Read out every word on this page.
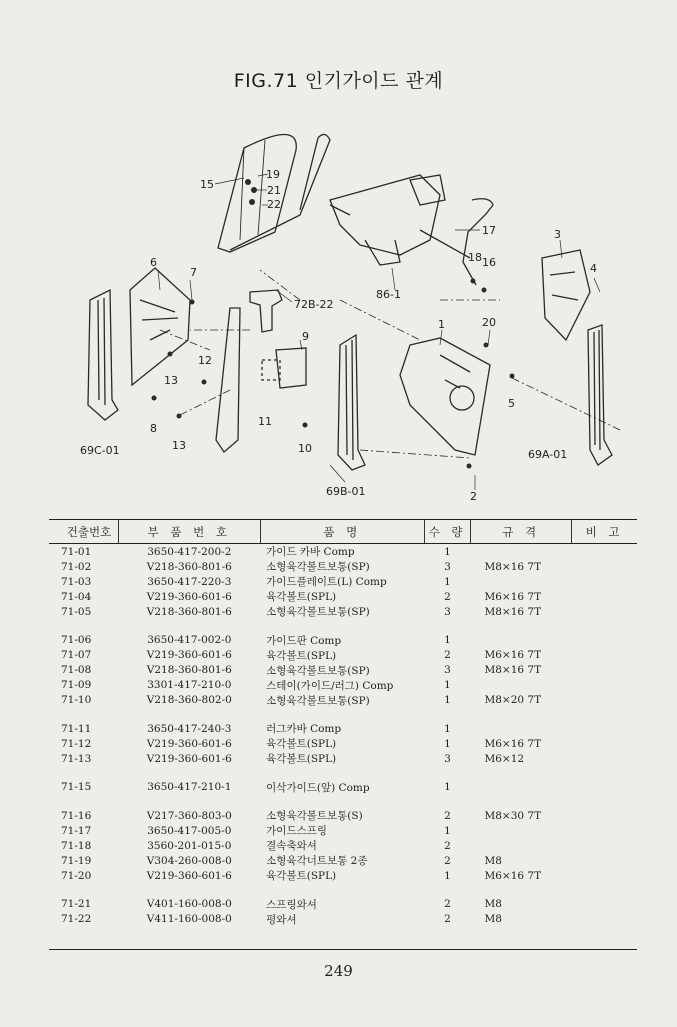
FIG.71 인기가이드 관계
15
19
21
22
17
18 16
3
4
6
7
72B-22
86-1
1	20
12
9
13
8
11
10
13
5
69C-01
69B-01
69A-01
2
건출번호	부 품 번 호	품 명	수 량	규 격	비 고
71-01	3650-417-200-2	가이드 카바 Comp	1		
71-02	V218-360-801-6	소형육각볼트보통(SP)	3	M8×16 7T	
71-03	3650-417-220-3	가이드플레이트(L) Comp	1		
71-04	V219-360-601-6	육각볼트(SPL)	2	M6×16 7T	
71-05	V218-360-801-6	소형육각볼트보통(SP)	3	M8×16 7T	

71-06	3650-417-002-0	가이드판 Comp	1		
71-07	V219-360-601-6	육각볼트(SPL)	2	M6×16 7T	
71-08	V218-360-801-6	소형육각볼트보통(SP)	3	M8×16 7T	
71-09	3301-417-210-0	스테이(가이드/러그) Comp	1		
71-10	V218-360-802-0	소형육각볼트보통(SP)	1	M8×20 7T	

71-11	3650-417-240-3	러그카바 Comp	1		
71-12	V219-360-601-6	육각볼트(SPL)	1	M6×16 7T	
71-13	V219-360-601-6	육각볼트(SPL)	3	M6×12	

71-15	3650-417-210-1	이삭가이드(앞) Comp	1		

71-16	V217-360-803-0	소형육각볼트보통(S)	2	M8×30 7T	
71-17	3650-417-005-0	가이드스프링	1		
71-18	3560-201-015-0	결속축와셔	2		
71-19	V304-260-008-0	소형육각너트보통 2종	2	M8	
71-20	V219-360-601-6	육각볼트(SPL)	1	M6×16 7T	

71-21	V401-160-008-0	스프링와셔	2	M8	
71-22	V411-160-008-0	평와셔	2	M8	
249
